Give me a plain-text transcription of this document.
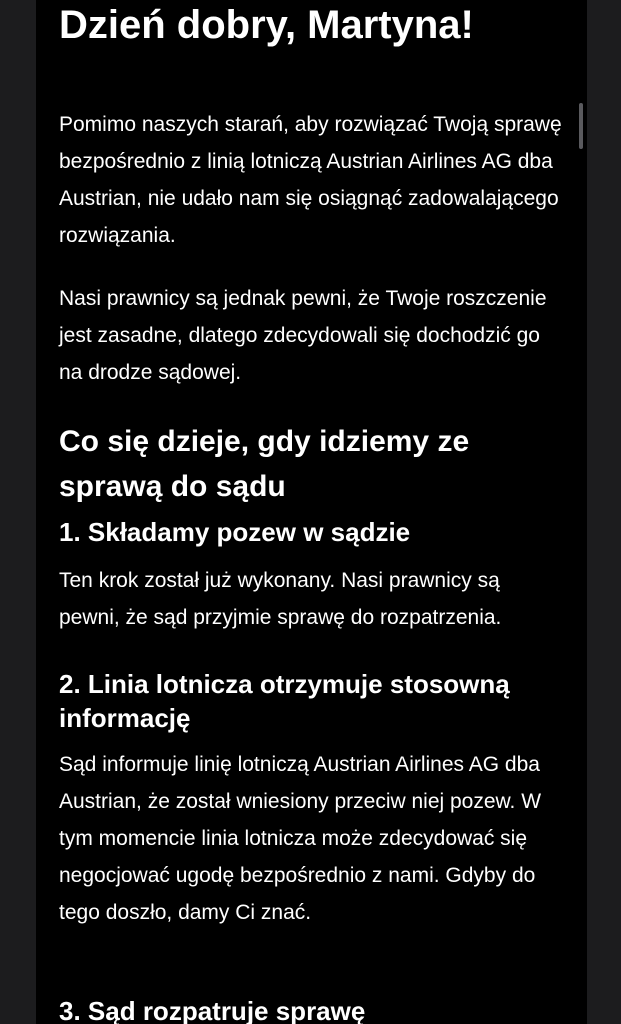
Dzień dobry, Martyna!

Pomimo naszych starań, aby rozwiązać Twoją sprawę bezpośrednio z linią lotniczą Austrian Airlines AG dba Austrian, nie udało nam się osiągnąć zadowalającego rozwiązania.

Nasi prawnicy są jednak pewni, że Twoje roszczenie jest zasadne, dlatego zdecydowali się dochodzić go na drodze sądowej.

Co się dzieje, gdy idziemy ze sprawą do sądu
1. Składamy pozew w sądzie

Ten krok został już wykonany. Nasi prawnicy są pewni, że sąd przyjmie sprawę do rozpatrzenia.

2. Linia lotnicza otrzymuje stosowną informację

Sąd informuje linię lotniczą Austrian Airlines AG dba Austrian, że został wniesiony przeciw niej pozew. W tym momencie linia lotnicza może zdecydować się negocjować ugodę bezpośrednio z nami. Gdyby do tego doszło, damy Ci znać.

3. Sąd rozpatruje sprawę
